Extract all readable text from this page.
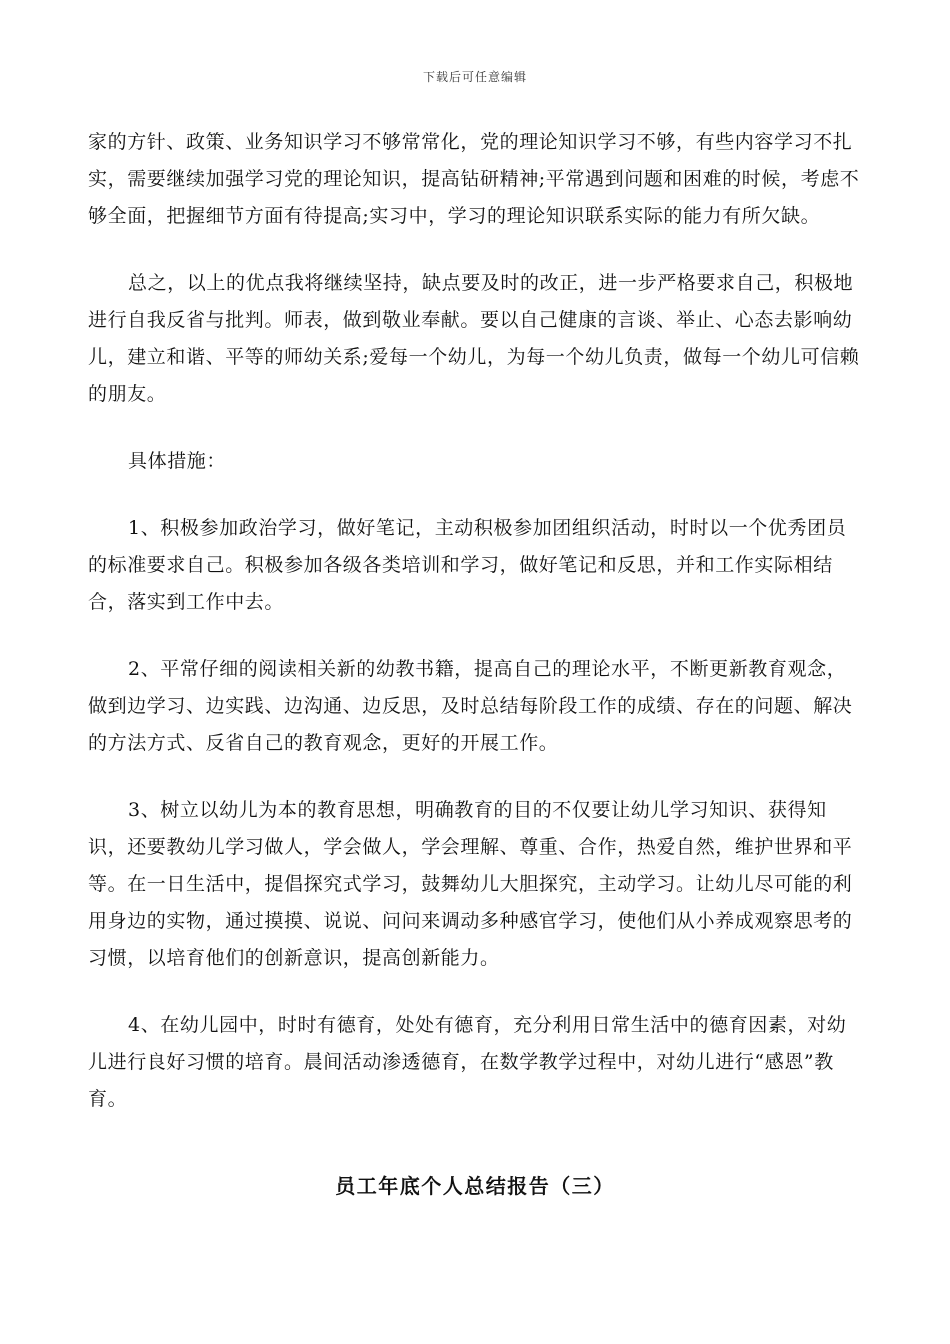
下载后可任意编辑

家的方针、政策、业务知识学习不够常常化，党的理论知识学习不够，有些内容学习不扎实，需要继续加强学习党的理论知识，提高钻研精神;平常遇到问题和困难的时候，考虑不够全面，把握细节方面有待提高;实习中，学习的理论知识联系实际的能力有所欠缺。

总之，以上的优点我将继续坚持，缺点要及时的改正，进一步严格要求自己，积极地进行自我反省与批判。师表，做到敬业奉献。要以自己健康的言谈、举止、心态去影响幼儿，建立和谐、平等的师幼关系;爱每一个幼儿，为每一个幼儿负责，做每一个幼儿可信赖的朋友。

具体措施：

1、积极参加政治学习，做好笔记，主动积极参加团组织活动，时时以一个优秀团员的标准要求自己。积极参加各级各类培训和学习，做好笔记和反思，并和工作实际相结合，落实到工作中去。

2、平常仔细的阅读相关新的幼教书籍，提高自己的理论水平，不断更新教育观念，做到边学习、边实践、边沟通、边反思，及时总结每阶段工作的成绩、存在的问题、解决的方法方式、反省自己的教育观念，更好的开展工作。

3、树立以幼儿为本的教育思想，明确教育的目的不仅要让幼儿学习知识、获得知识，还要教幼儿学习做人，学会做人，学会理解、尊重、合作，热爱自然，维护世界和平等。在一日生活中，提倡探究式学习，鼓舞幼儿大胆探究，主动学习。让幼儿尽可能的利用身边的实物，通过摸摸、说说、问问来调动多种感官学习，使他们从小养成观察思考的习惯，以培育他们的创新意识，提高创新能力。

4、在幼儿园中，时时有德育，处处有德育，充分利用日常生活中的德育因素，对幼儿进行良好习惯的培育。晨间活动渗透德育，在数学教学过程中，对幼儿进行“感恩”教育。

员工年底个人总结报告（三）
